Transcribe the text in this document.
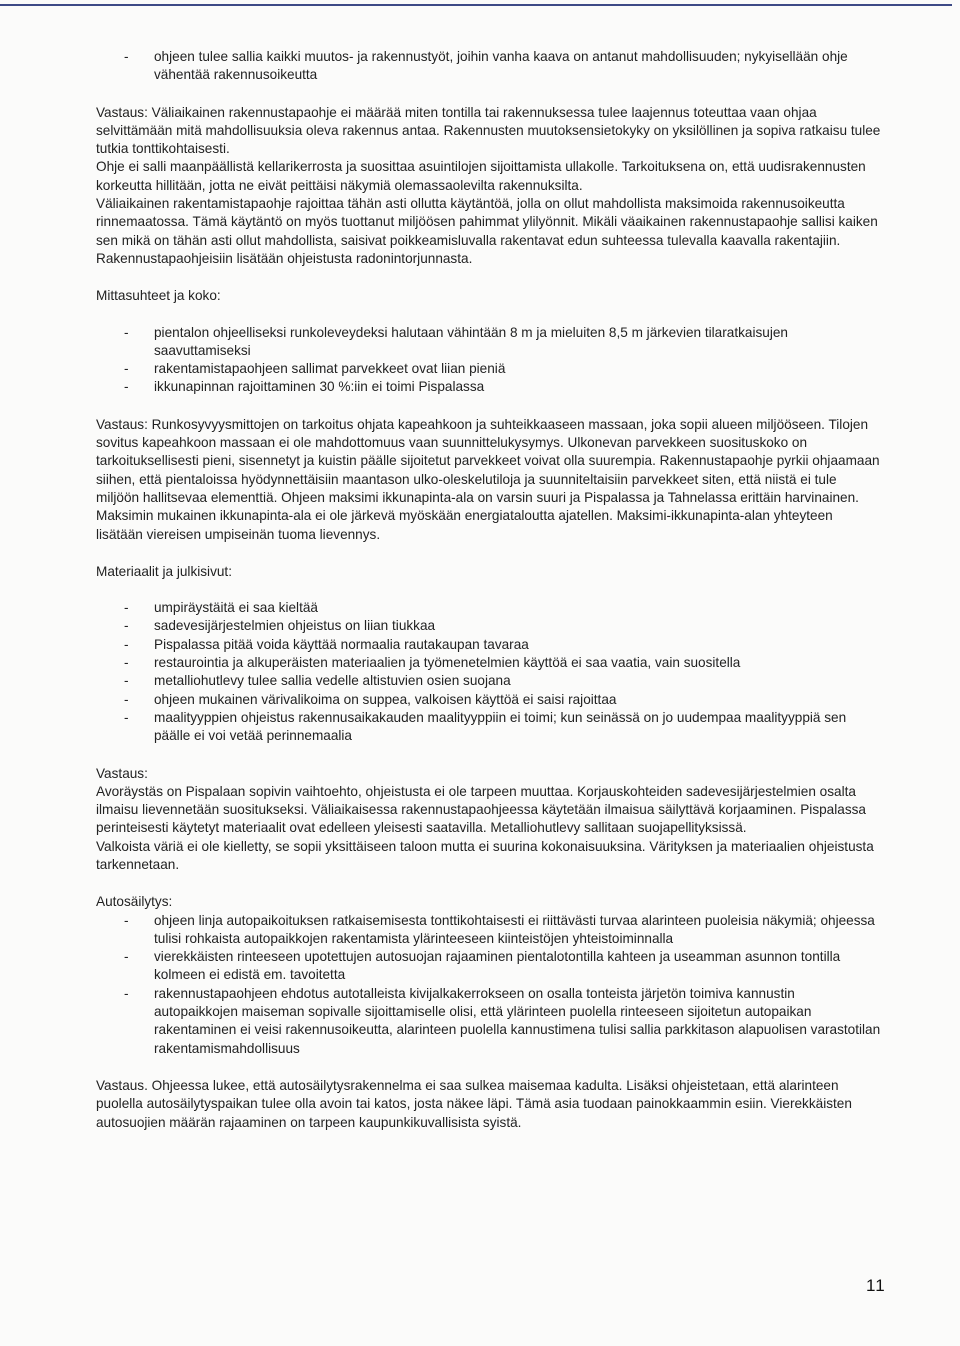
- ohjeen tulee sallia kaikki muutos- ja rakennustyöt, joihin vanha kaava on antanut mahdollisuuden; nykyisellään ohje vähentää rakennusoikeutta

Vastaus: Väliaikainen rakennustapaohje ei määrää miten tontilla tai rakennuksessa tulee laajennus toteuttaa vaan ohjaa selvittämään mitä mahdollisuuksia oleva rakennus antaa. Rakennusten muutoksensietokyky on yksilöllinen ja sopiva ratkaisu tulee tutkia tonttikohtaisesti.

Ohje ei salli maanpäällistä kellarikerrosta ja suosittaa asuintilojen sijoittamista ullakolle. Tarkoituksena on, että uudisrakennusten korkeutta hillitään, jotta ne eivät peittäisi näkymiä olemassaolevilta rakennuksilta.

Väliaikainen rakentamistapaohje rajoittaa tähän asti ollutta käytäntöä, jolla on ollut mahdollista maksimoida rakennusoikeutta rinnemaatossa. Tämä käytäntö on myös tuottanut miljöösen pahimmat ylilyönnit. Mikäli väaikainen rakennustapaohje sallisi kaiken sen mikä on tähän asti ollut mahdollista, saisivat poikkeamisluvalla rakentavat edun suhteessa tulevalla kaavalla rakentajiin.

Rakennustapaohjeisiin lisätään ohjeistusta radonintorjunnasta.

Mittasuhteet ja koko:

- pientalon ohjeelliseksi runkoleveydeksi halutaan vähintään 8 m ja mieluiten 8,5 m järkevien tilaratkaisujen saavuttamiseksi
- rakentamistapaohjeen sallimat parvekkeet ovat liian pieniä
- ikkunapinnan rajoittaminen 30 %:iin ei toimi Pispalassa

Vastaus: Runkosyvyysmittojen on tarkoitus ohjata kapeahkoon ja suhteikkaaseen massaan, joka sopii alueen miljööseen. Tilojen sovitus kapeahkoon massaan ei ole mahdottomuus vaan suunnittelukysymys. Ulkonevan parvekkeen suosituskoko on tarkoituksellisesti pieni, sisennetyt ja kuistin päälle sijoitetut parvekkeet voivat olla suurempia. Rakennustapaohje pyrkii ohjaamaan siihen, että pientaloissa hyödynnettäisiin maantason ulko-oleskelutiloja ja suunniteltaisiin parvekkeet siten, että niistä ei tule miljöön hallitsevaa elementtiä. Ohjeen maksimi ikkunapinta-ala on varsin suuri ja Pispalassa ja Tahnelassa erittäin harvinainen. Maksimin mukainen ikkunapinta-ala ei ole järkevä myöskään energiataloutta ajatellen. Maksimi-ikkunapinta-alan yhteyteen lisätään viereisen umpiseinän tuoma lievennys.

Materiaalit ja julkisivut:

- umpiräystäitä ei saa kieltää
- sadevesijärjestelmien ohjeistus on liian tiukkaa
- Pispalassa pitää voida käyttää normaalia rautakaupan tavaraa
- restaurointia ja alkuperäisten materiaalien ja työmenetelmien käyttöä ei saa vaatia, vain suositella
- metalliohutlevy tulee sallia vedelle altistuvien osien suojana
- ohjeen mukainen värivalikoima on suppea, valkoisen käyttöä ei saisi rajoittaa
- maalityyppien ohjeistus rakennusaikakauden maalityyppiin ei toimi; kun seinässä on jo uudempaa maalityyppiä sen päälle ei voi vetää perinnemaalia

Vastaus:

Avoräystäs on Pispalaan sopivin vaihtoehto, ohjeistusta ei ole tarpeen muuttaa. Korjauskohteiden sadevesijärjestelmien osalta ilmaisu lievennetään suositukseksi. Väliaikaisessa rakennustapaohjeessa käytetään ilmaisua säilyttävä korjaaminen. Pispalassa perinteisesti käytetyt materiaalit ovat edelleen yleisesti saatavilla. Metalliohutlevy sallitaan suojapellityksissä.

Valkoista väriä ei ole kielletty, se sopii yksittäiseen taloon mutta ei suurina kokonaisuuksina. Värityksen ja materiaalien ohjeistusta tarkennetaan.

Autosäilytys:

- ohjeen linja autopaikoituksen ratkaisemisesta tonttikohtaisesti ei riittävästi turvaa alarinteen puoleisia näkymiä; ohjeessa tulisi rohkaista autopaikkojen rakentamista ylärinteeseen kiinteistöjen yhteistoiminnalla
- vierekkäisten rinteeseen upotettujen autosuojan rajaaminen pientalotontilla kahteen ja useamman asunnon tontilla kolmeen ei edistä em. tavoitetta
- rakennustapaohjeen ehdotus autotalleista kivijalkakerrokseen on osalla tonteista järjetön toimiva kannustin autopaikkojen maiseman sopivalle sijoittamiselle olisi, että ylärinteen puolella rinteeseen sijoitetun autopaikan rakentaminen ei veisi rakennusoikeutta, alarinteen puolella kannustimena tulisi sallia parkkitason alapuolisen varastotilan rakentamismahdollisuus

Vastaus. Ohjeessa lukee, että autosäilytysrakennelma ei saa sulkea maisemaa kadulta. Lisäksi ohjeistetaan, että alarinteen puolella autosäilytyspaikan tulee olla avoin tai katos, josta näkee läpi. Tämä asia tuodaan painokkaammin esiin. Vierekkäisten autosuojien määrän rajaaminen on tarpeen kaupunkikuvallisista syistä.

11
